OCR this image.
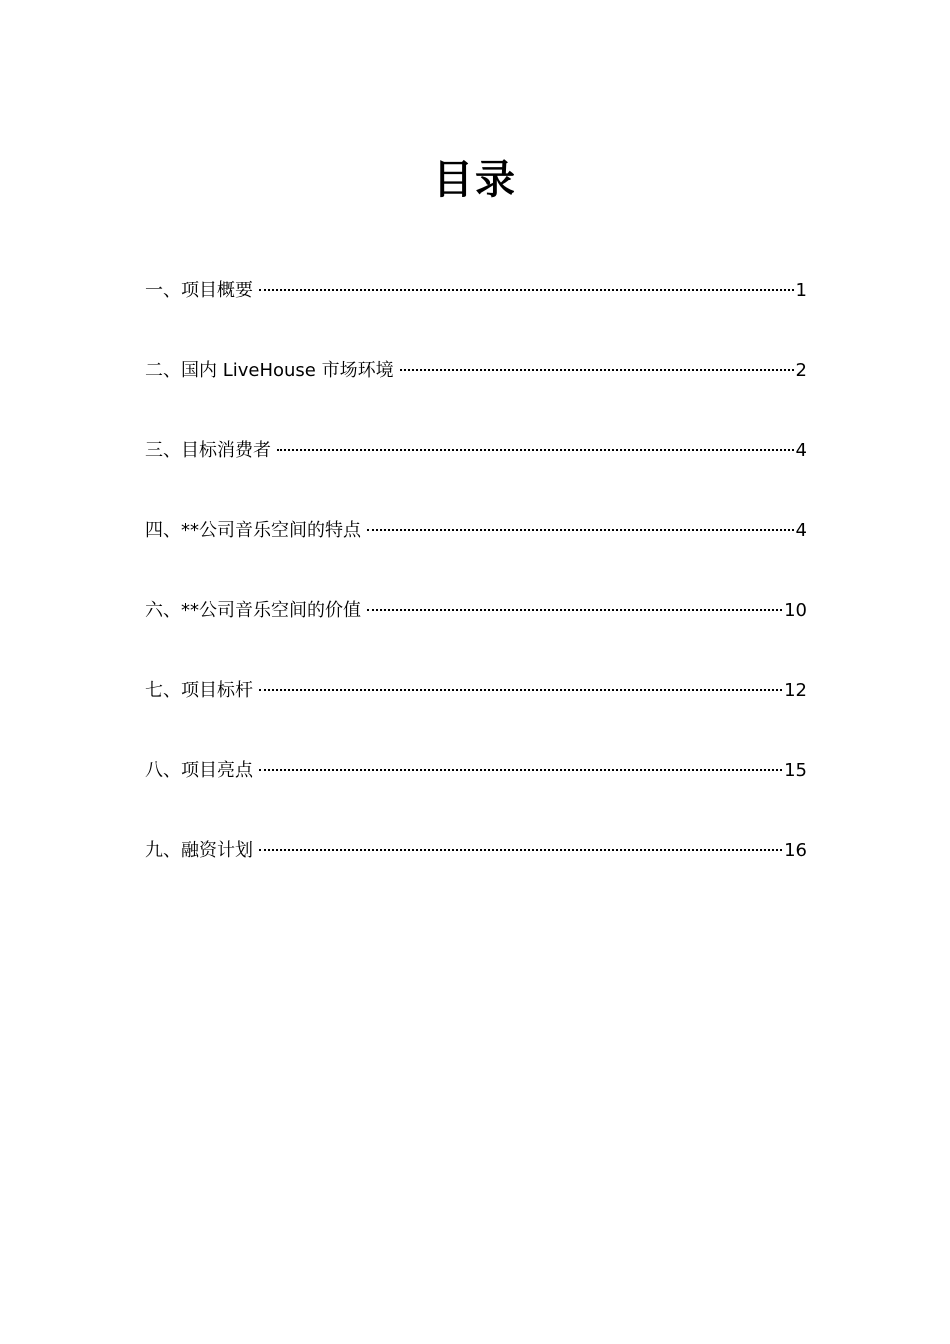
目录
一、项目概要	1
二、国内 LiveHouse 市场环境	2
三、目标消费者	4
四、**公司音乐空间的特点	4
六、**公司音乐空间的价值	10
七、项目标杆	12
八、项目亮点	15
九、融资计划	16
